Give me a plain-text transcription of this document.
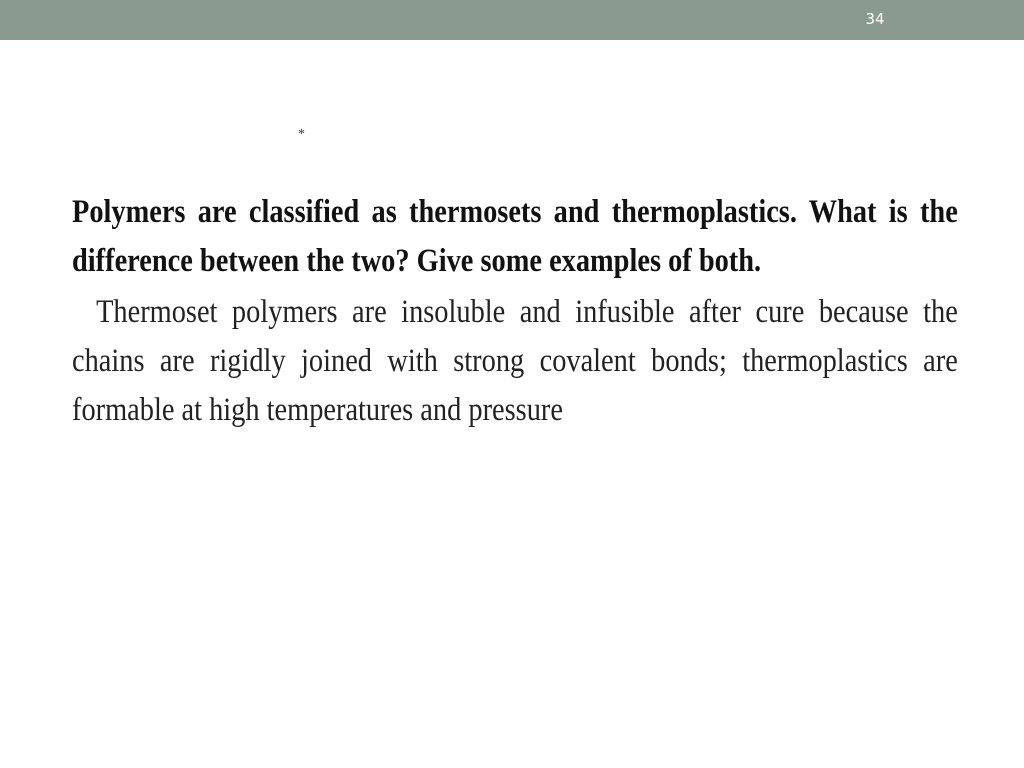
34
*

Polymers are classified as thermosets and thermoplastics. What is the difference between the two? Give some examples of both.

Thermoset polymers are insoluble and infusible after cure because the chains are rigidly joined with strong covalent bonds; thermoplastics are formable at high temperatures and pressure
